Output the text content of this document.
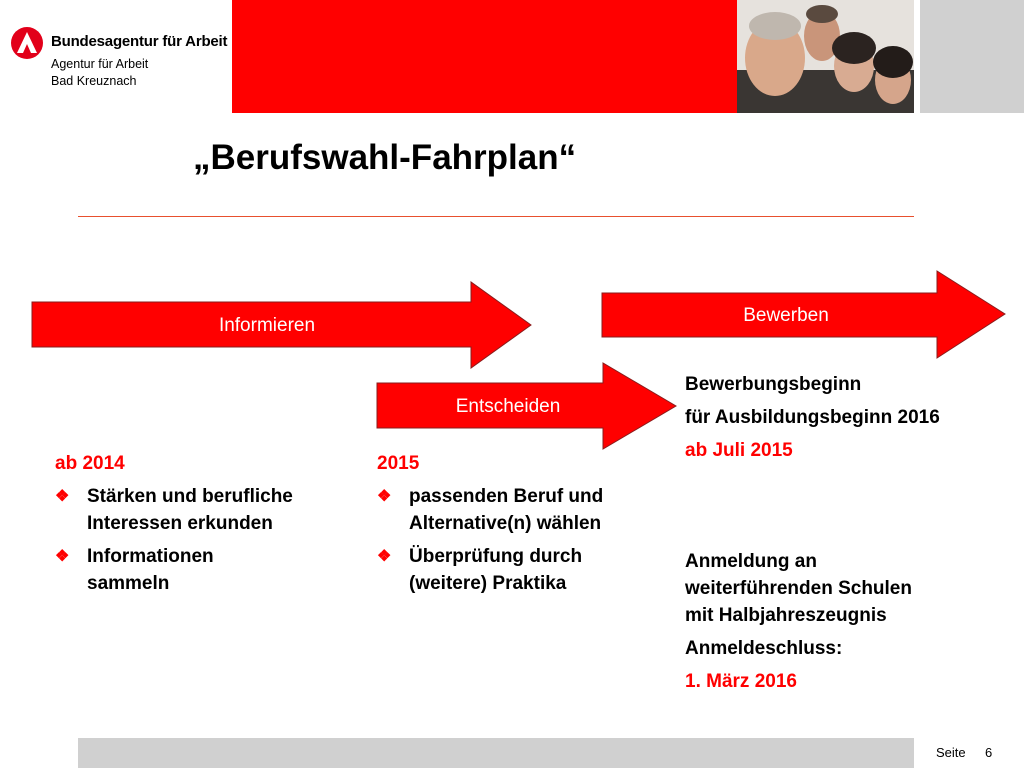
Bundesagentur für Arbeit
Agentur für Arbeit
Bad Kreuznach
„Berufswahl-Fahrplan“
Informieren
Entscheiden
Bewerben
ab 2014
❖ Stärken und berufliche
Interessen erkunden
❖ Informationen
sammeln
2015
❖ passenden Beruf und
Alternative(n) wählen
❖ Überprüfung durch
(weitere) Praktika
Bewerbungsbeginn
für Ausbildungsbeginn 2016
ab Juli 2015
Anmeldung an
weiterführenden Schulen
mit Halbjahreszeugnis
Anmeldeschluss:
1. März 2016
Seite 6
